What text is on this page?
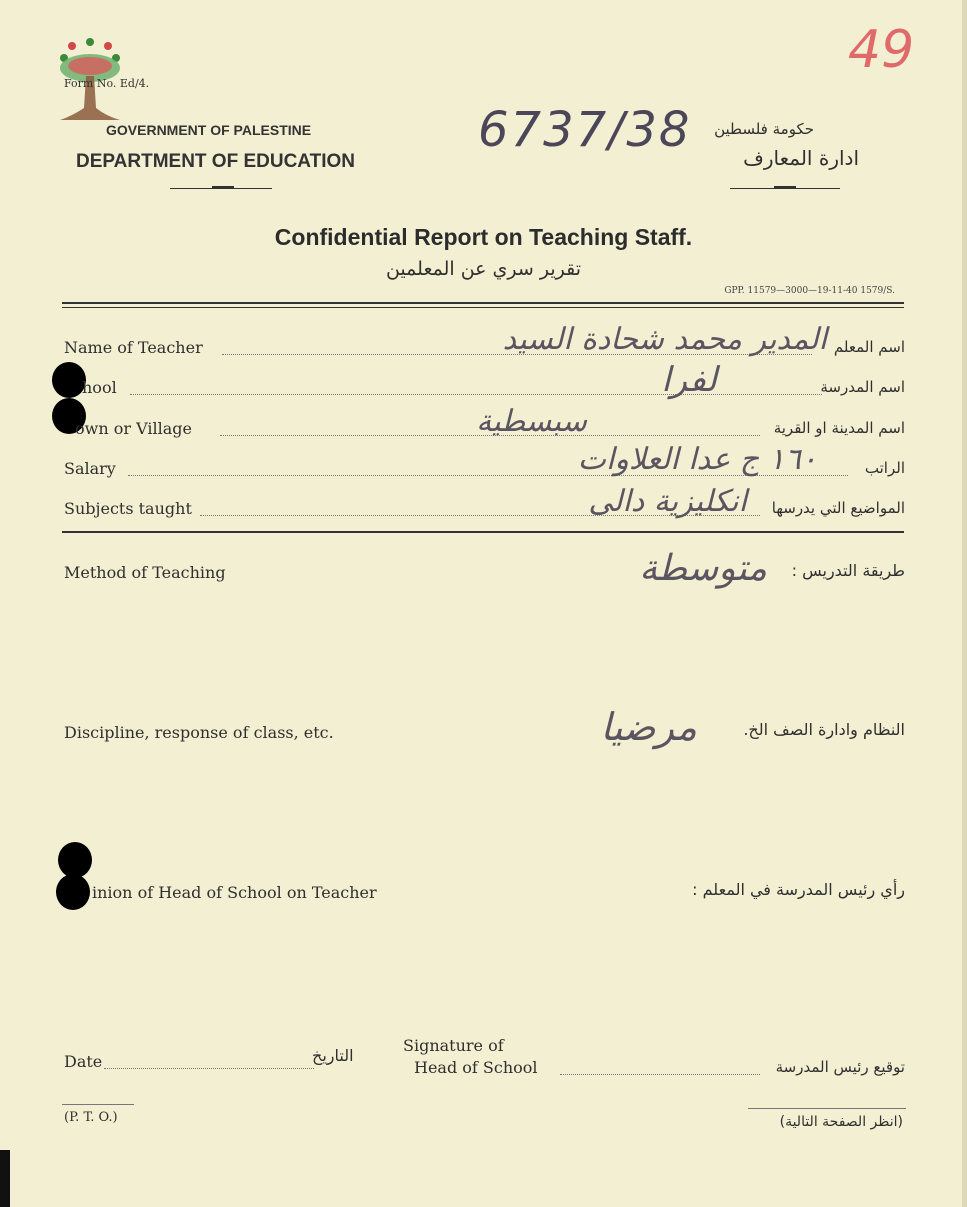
Form No. Ed/4.
GOVERNMENT OF PALESTINE
DEPARTMENT OF EDUCATION
حكومة فلسطين
ادارة المعارف
6737/38
49
Confidential Report on Teaching Staff.
تقرير سري عن المعلمين
GPP. 11579—3000—19-11-40 1579/S.
Name of Teacher	اسم المعلم
المدير محمد شحادة السيد
hool	اسم المدرسة
لفرا
own or Village	اسم المدينة او القرية
سبسطية
Salary	الراتب
١٦٠ ج عدا العلاوات
Subjects taught	المواضيع التي يدرسها
انكليزية دالى
Method of Teaching	طريقة التدريس :
متوسطة
Discipline, response of class, etc.	النظام وادارة الصف الخ.
مرضيا
inion of Head of School on Teacher	رأي رئيس المدرسة في المعلم :
Date	التاريخ
Signature of
Head of School	توقيع رئيس المدرسة
(P. T. O.)	(انظر الصفحة التالية)
